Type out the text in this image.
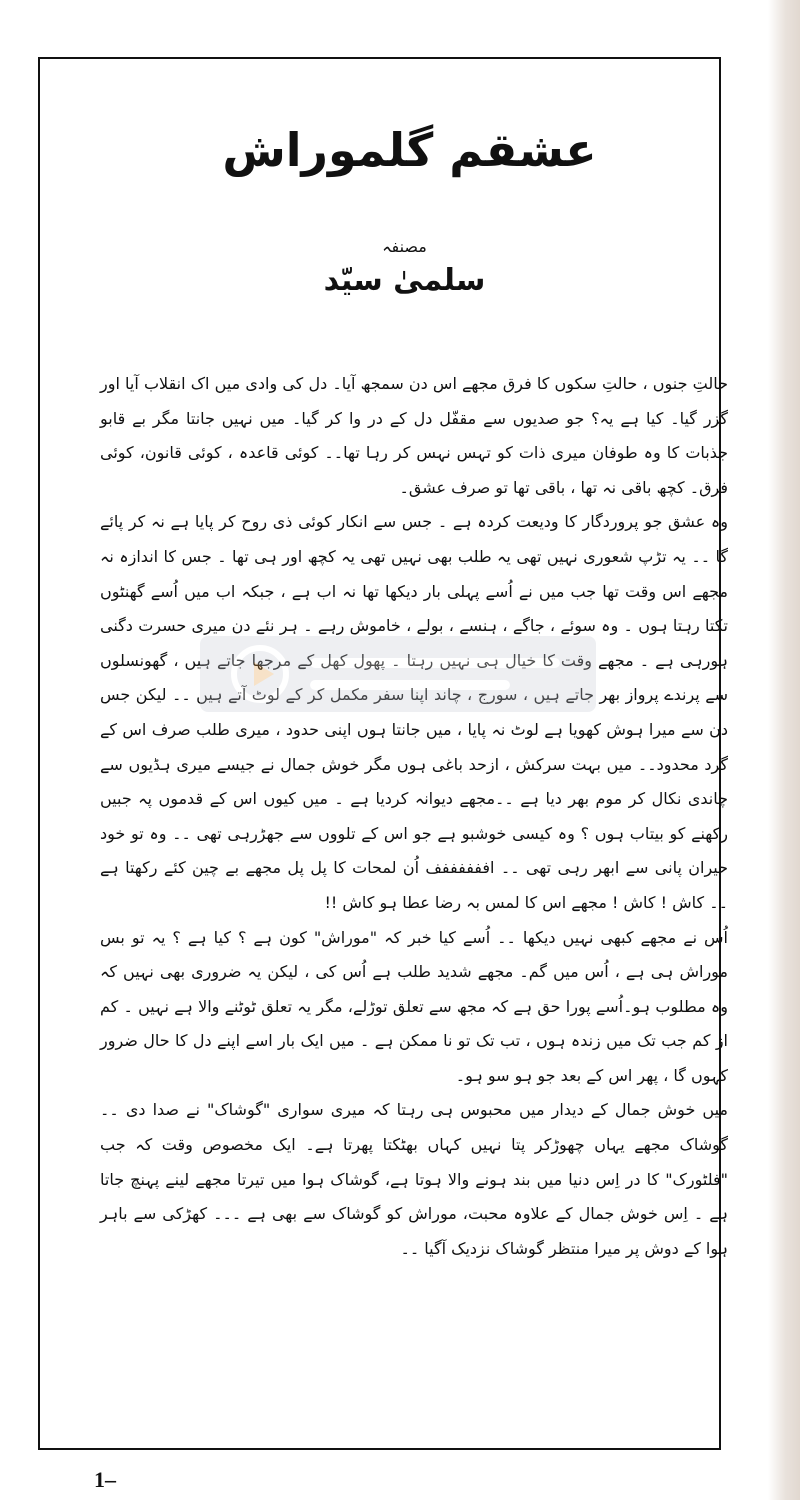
عشقم گلموراش
مصنفہ
سلمیٰ سیّد

حالتِ جنوں ، حالتِ سکوں کا فرق مجھے اس دن سمجھ آیا۔ دل کی وادی میں اک انقلاب آیا اور گزر گیا۔ کیا ہے یہ؟ جو صدیوں سے مقفّل دل کے در وا کر گیا۔ میں نہیں جانتا مگر بے قابو جذبات کا وہ طوفان میری ذات کو تہس نہس کر رہا تھا۔۔ کوئی قاعدہ ، کوئی قانون، کوئی فرق۔ کچھ باقی نہ تھا ، باقی تھا تو صرف عشق۔

وہ عشق جو پروردگار کا ودیعت کردہ ہے ۔ جس سے انکار کوئی ذی روح کر پایا ہے نہ کر پائے گا ۔۔ یہ تڑپ شعوری نہیں تھی یہ طلب بھی نہیں تھی یہ کچھ اور ہی تھا ۔ جس کا اندازہ نہ مجھے اس وقت تھا جب میں نے اُسے پہلی بار دیکھا تھا نہ اب ہے ، جبکہ اب میں اُسے گھنٹوں تکتا رہتا ہوں ۔ وہ سوئے ، جاگے ، ہنسے ، بولے ، خاموش رہے ۔ ہر نئے دن میری حسرت دگنی ہورہی ہے ۔ مجھے وقت کا خیال ہی نہیں رہتا ۔ پھول کھل کے مرجھا جاتے ہیں ، گھونسلوں سے پرندے پرواز بھر جاتے ہیں ، سورج ، چاند اپنا سفر مکمل کر کے لوٹ آتے ہیں ۔۔ لیکن جس دن سے میرا ہوش کھویا ہے لوٹ نہ پایا ، میں جانتا ہوں اپنی حدود ، میری طلب صرف اس کے گرد محدود۔۔ میں بہت سرکش ، ازحد باغی ہوں مگر خوش جمال نے جیسے میری ہڈیوں سے چاندی نکال کر موم بھر دیا ہے ۔۔مجھے دیوانہ کردیا ہے ۔ میں کیوں اس کے قدموں پہ جبیں رکھنے کو بیتاب ہوں ؟ وہ کیسی خوشبو ہے جو اس کے تلووں سے جھڑرہی تھی ۔۔ وہ تو خود حیران پانی سے ابھر رہی تھی ۔۔ اففففففف اُن لمحات کا پل پل مجھے بے چین کئے رکھتا ہے ۔۔ کاش ! کاش ! مجھے اس کا لمس بہ رضا عطا ہو کاش !!

اُس نے مجھے کبھی نہیں دیکھا ۔۔ اُسے کیا خبر کہ "موراش" کون ہے ؟ کیا ہے ؟ یہ تو بس موراش ہی ہے ، اُس میں گم۔ مجھے شدید طلب ہے اُس کی ، لیکن یہ ضروری بھی نہیں کہ وہ مطلوب ہو۔اُسے پورا حق ہے کہ مجھ سے تعلق توڑلے، مگر یہ تعلق ٹوٹنے والا ہے نہیں ۔ کم از کم جب تک میں زندہ ہوں ، تب تک تو نا ممکن ہے ۔ میں ایک بار اسے اپنے دل کا حال ضرور کہوں گا ، پھر اس کے بعد جو ہو سو ہو۔

میں خوش جمال کے دیدار میں محبوس ہی رہتا کہ میری سواری "گوشاک" نے صدا دی ۔۔ گوشاک مجھے یہاں چھوڑکر پتا نہیں کہاں بھٹکتا پھرتا ہے۔ ایک مخصوص وقت کہ جب "فلٹورک" کا در اِس دنیا میں بند ہونے والا ہوتا ہے، گوشاک ہوا میں تیرتا مجھے لینے پہنچ جاتا ہے ۔ اِس خوش جمال کے علاوہ محبت، موراش کو گوشاک سے بھی ہے ۔۔۔ کھڑکی سے باہر ہوا کے دوش پر میرا منتظر گوشاک نزدیک آگیا ۔۔

1–
